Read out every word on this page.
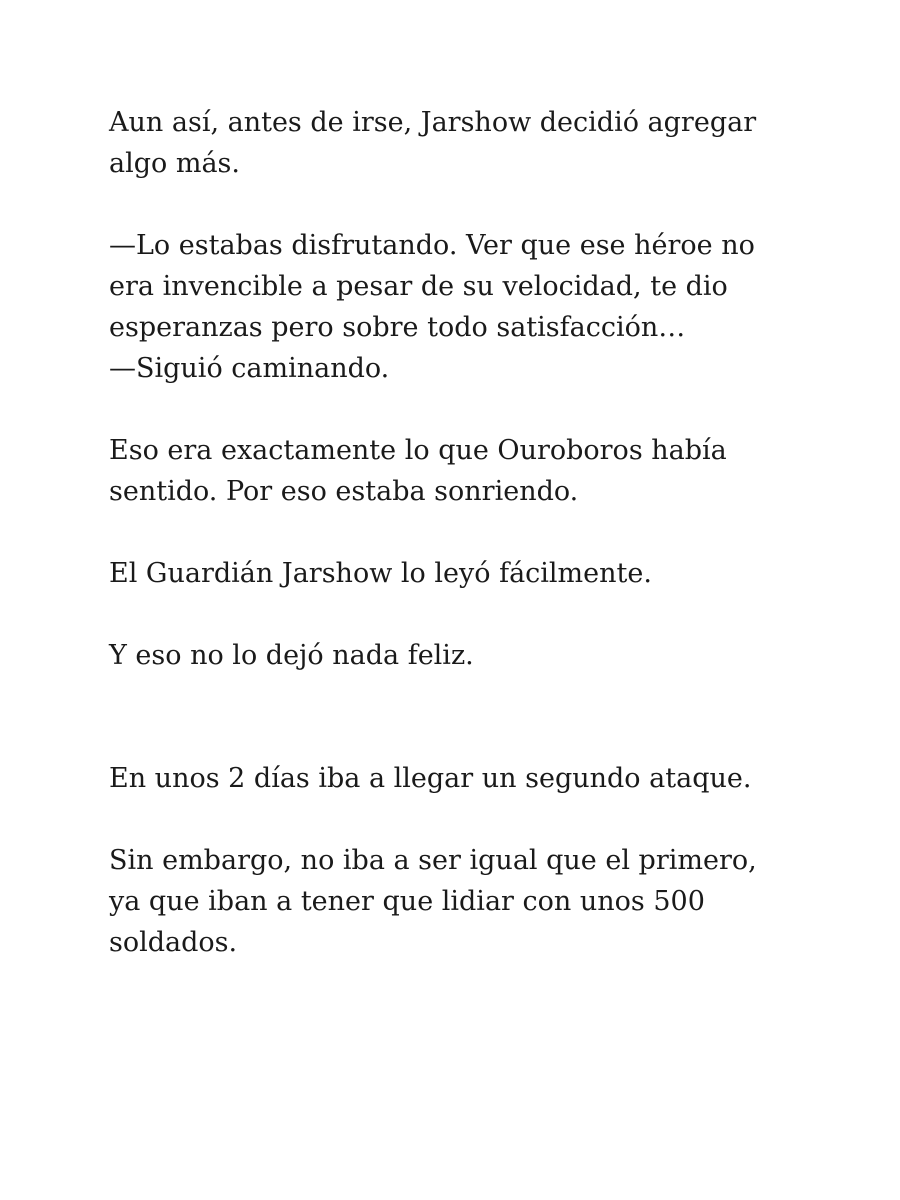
Aun así, antes de irse, Jarshow decidió agregar
algo más.

—Lo estabas disfrutando. Ver que ese héroe no
era invencible a pesar de su velocidad, te dio
esperanzas pero sobre todo satisfacción…
—Siguió caminando.

Eso era exactamente lo que Ouroboros había
sentido. Por eso estaba sonriendo.

El Guardián Jarshow lo leyó fácilmente.

Y eso no lo dejó nada feliz.

En unos 2 días iba a llegar un segundo ataque.

Sin embargo, no iba a ser igual que el primero,
ya que iban a tener que lidiar con unos 500
soldados.
